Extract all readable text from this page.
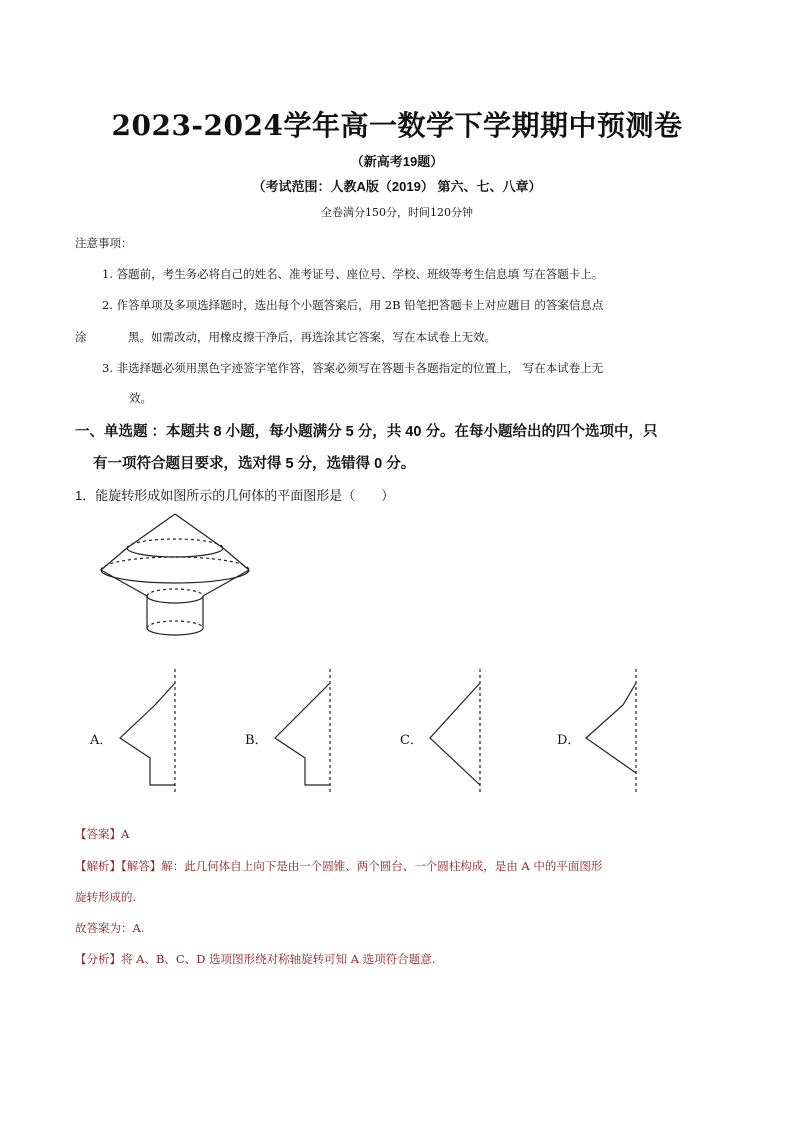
2023-2024学年高一数学下学期期中预测卷
（新高考19题）
（考试范围：人教A版（2019） 第六、七、八章）
全卷满分150分，时间120分钟
注意事项：
1. 答题前，考生务必将自己的姓名、准考证号、座位号、学校、班级等考生信息填 写在答题卡上。
2. 作答单项及多项选择题时，选出每个小题答案后，用 2B 铅笔把答题卡上对应题目 的答案信息点
涂	黑。如需改动，用橡皮擦干净后，再选涂其它答案，写在本试卷上无效。
3. 非选择题必须用黑色字迹签字笔作答，答案必须写在答题卡各题指定的位置上， 写在本试卷上无
效。
一、单选题 ：本题共 8 小题，每小题满分 5 分，共 40 分。在每小题给出的四个选项中，只
有一项符合题目要求，选对得 5 分，选错得 0 分。
1．能旋转形成如图所示的几何体的平面图形是（　　）
A．	B．	C．	D．
【答案】A
【解析】【解答】解：此几何体自上向下是由一个圆锥、两个圆台、一个圆柱构成，是由 A 中的平面图形
旋转形成的.
故答案为：A.
【分析】将 A、B、C、D 选项图形绕对称轴旋转可知 A 选项符合题意.
